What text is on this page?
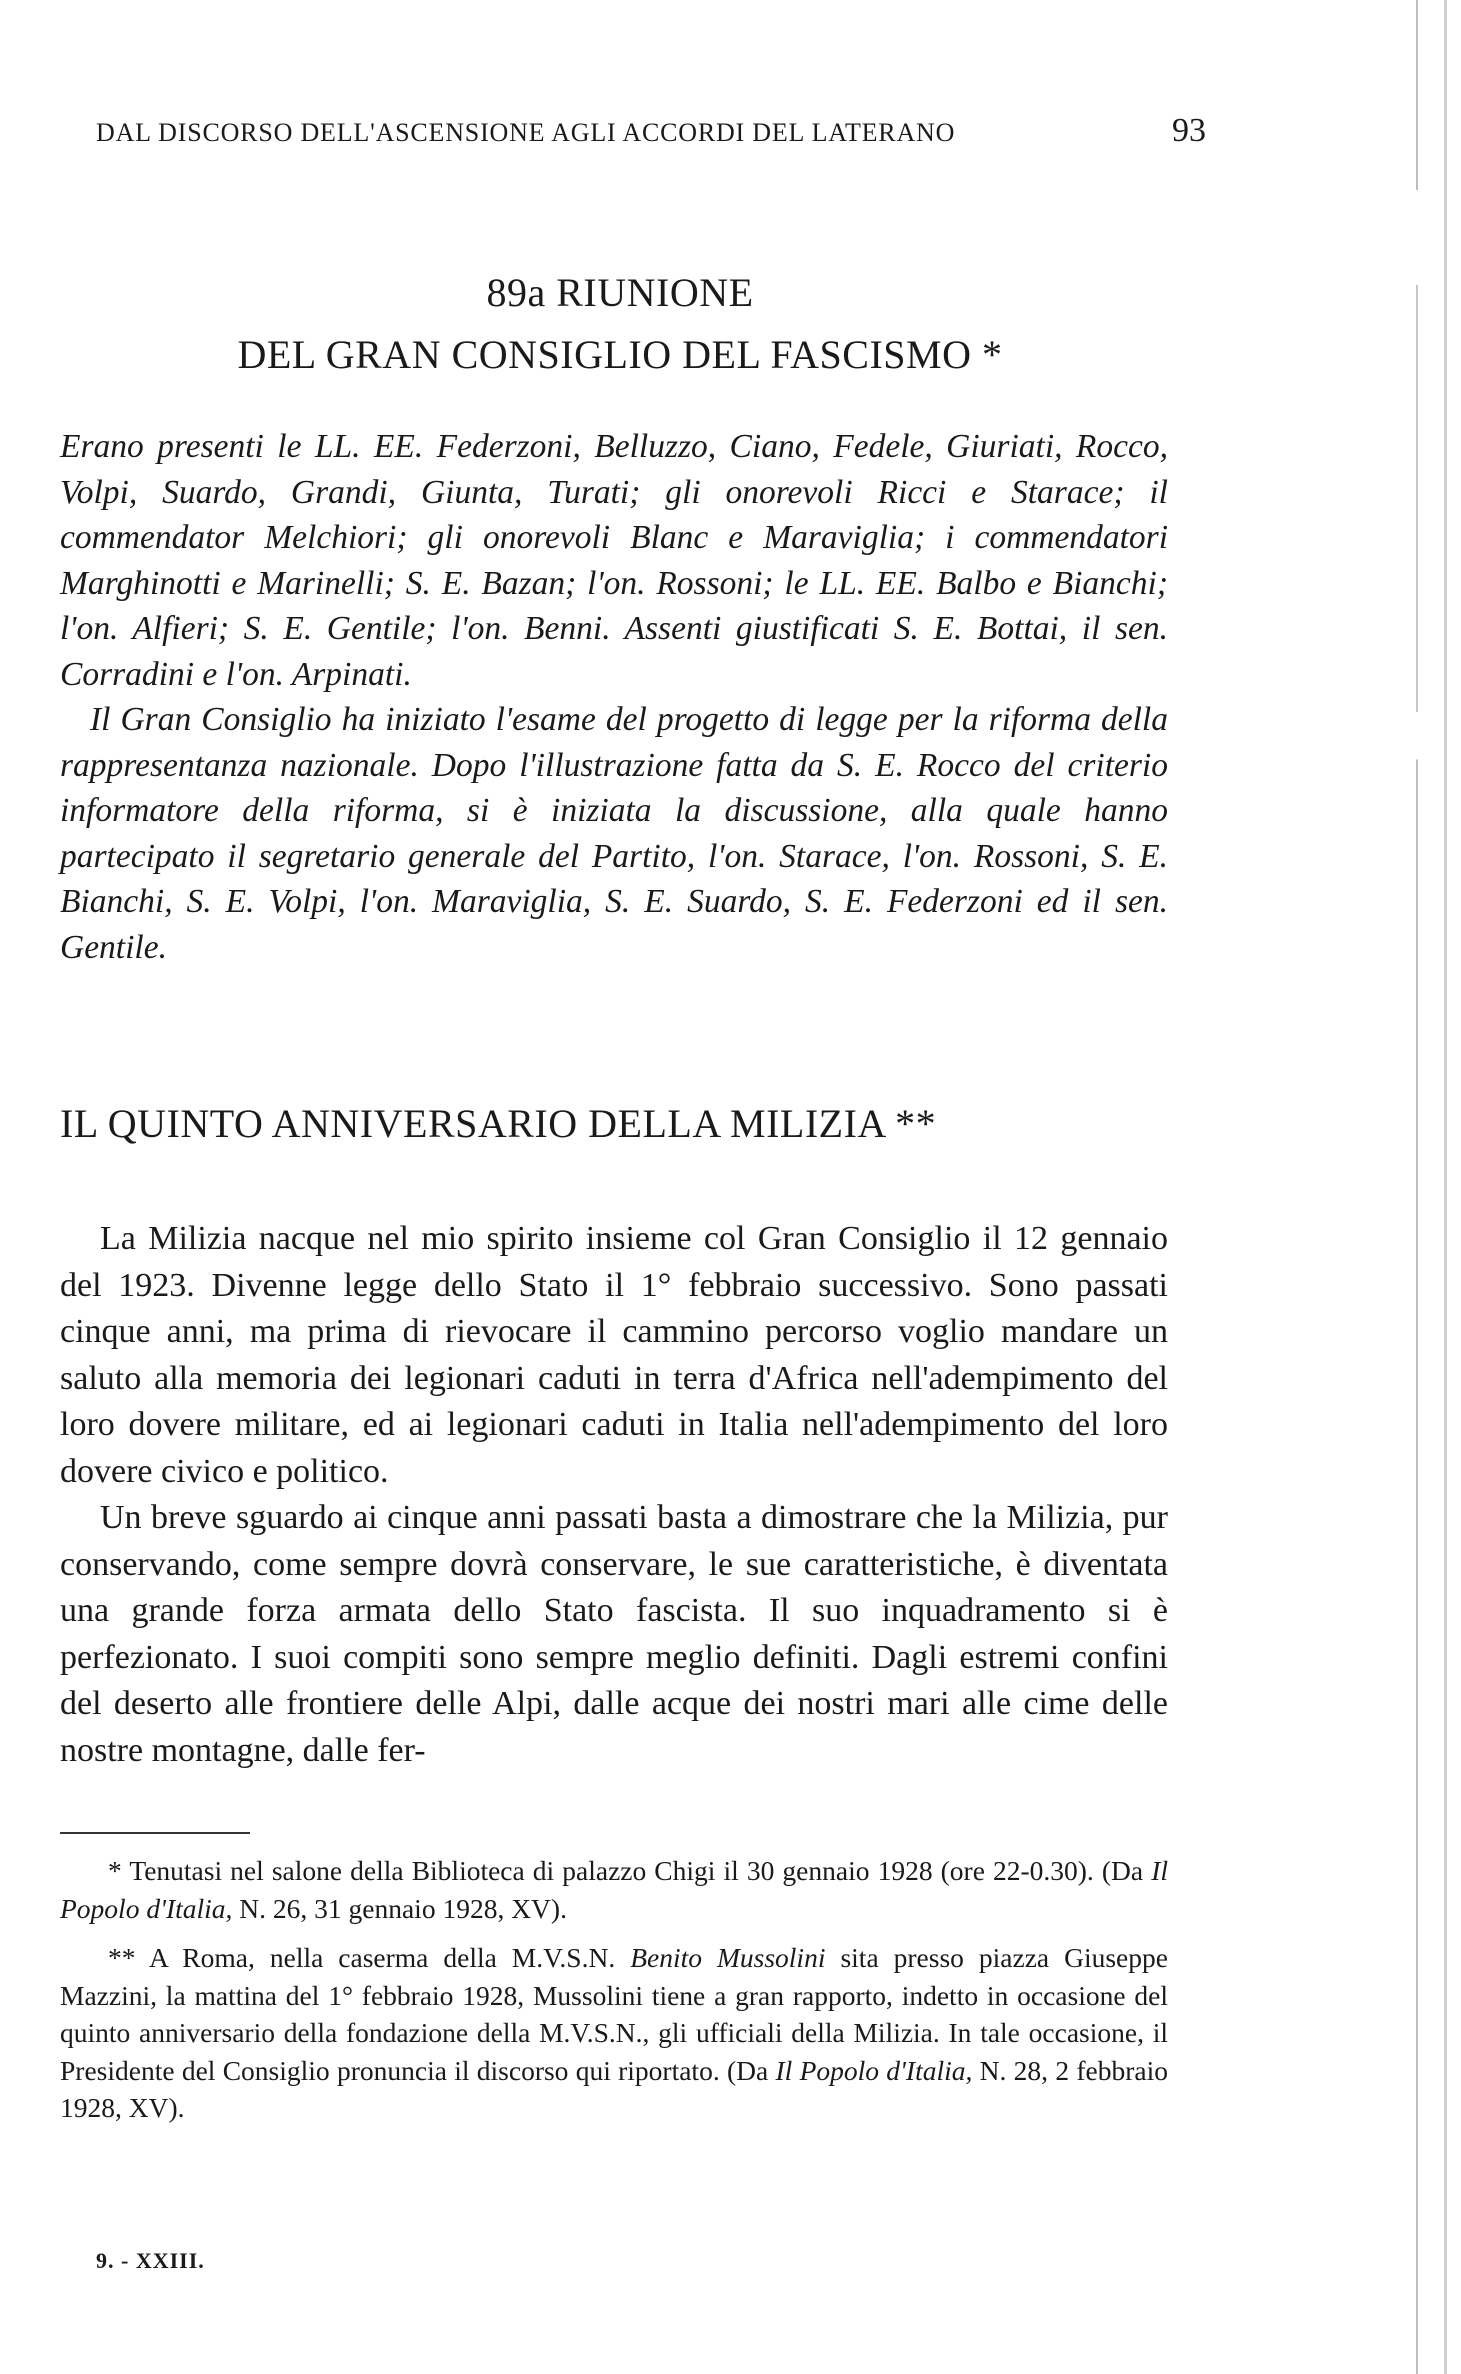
DAL DISCORSO DELL'ASCENSIONE AGLI ACCORDI DEL LATERANO	93
89a RIUNIONE
DEL GRAN CONSIGLIO DEL FASCISMO *

Erano presenti le LL. EE. Federzoni, Belluzzo, Ciano, Fedele, Giuriati, Rocco, Volpi, Suardo, Grandi, Giunta, Turati; gli onorevoli Ricci e Starace; il commendator Melchiori; gli onorevoli Blanc e Maraviglia; i commendatori Marghinotti e Marinelli; S. E. Bazan; l'on. Rossoni; le LL. EE. Balbo e Bianchi; l'on. Alfieri; S. E. Gentile; l'on. Benni. Assenti giustificati S. E. Bottai, il sen. Corradini e l'on. Arpinati.

Il Gran Consiglio ha iniziato l'esame del progetto di legge per la riforma della rappresentanza nazionale. Dopo l'illustrazione fatta da S. E. Rocco del criterio informatore della riforma, si è iniziata la discussione, alla quale hanno partecipato il segretario generale del Partito, l'on. Starace, l'on. Rossoni, S. E. Bianchi, S. E. Volpi, l'on. Maraviglia, S. E. Suardo, S. E. Federzoni ed il sen. Gentile.

IL QUINTO ANNIVERSARIO DELLA MILIZIA **

La Milizia nacque nel mio spirito insieme col Gran Consiglio il 12 gennaio del 1923. Divenne legge dello Stato il 1° febbraio successivo. Sono passati cinque anni, ma prima di rievocare il cammino percorso voglio mandare un saluto alla memoria dei legionari caduti in terra d'Africa nell'adempimento del loro dovere militare, ed ai legionari caduti in Italia nell'adempimento del loro dovere civico e politico.

Un breve sguardo ai cinque anni passati basta a dimostrare che la Milizia, pur conservando, come sempre dovrà conservare, le sue caratteristiche, è diventata una grande forza armata dello Stato fascista. Il suo inquadramento si è perfezionato. I suoi compiti sono sempre meglio definiti. Dagli estremi confini del deserto alle frontiere delle Alpi, dalle acque dei nostri mari alle cime delle nostre montagne, dalle fer-

* Tenutasi nel salone della Biblioteca di palazzo Chigi il 30 gennaio 1928 (ore 22-0.30). (Da Il Popolo d'Italia, N. 26, 31 gennaio 1928, XV).

** A Roma, nella caserma della M.V.S.N. Benito Mussolini sita presso piazza Giuseppe Mazzini, la mattina del 1° febbraio 1928, Mussolini tiene a gran rapporto, indetto in occasione del quinto anniversario della fondazione della M.V.S.N., gli ufficiali della Milizia. In tale occasione, il Presidente del Consiglio pronuncia il discorso qui riportato. (Da Il Popolo d'Italia, N. 28, 2 febbraio 1928, XV).

9. - XXIII.
